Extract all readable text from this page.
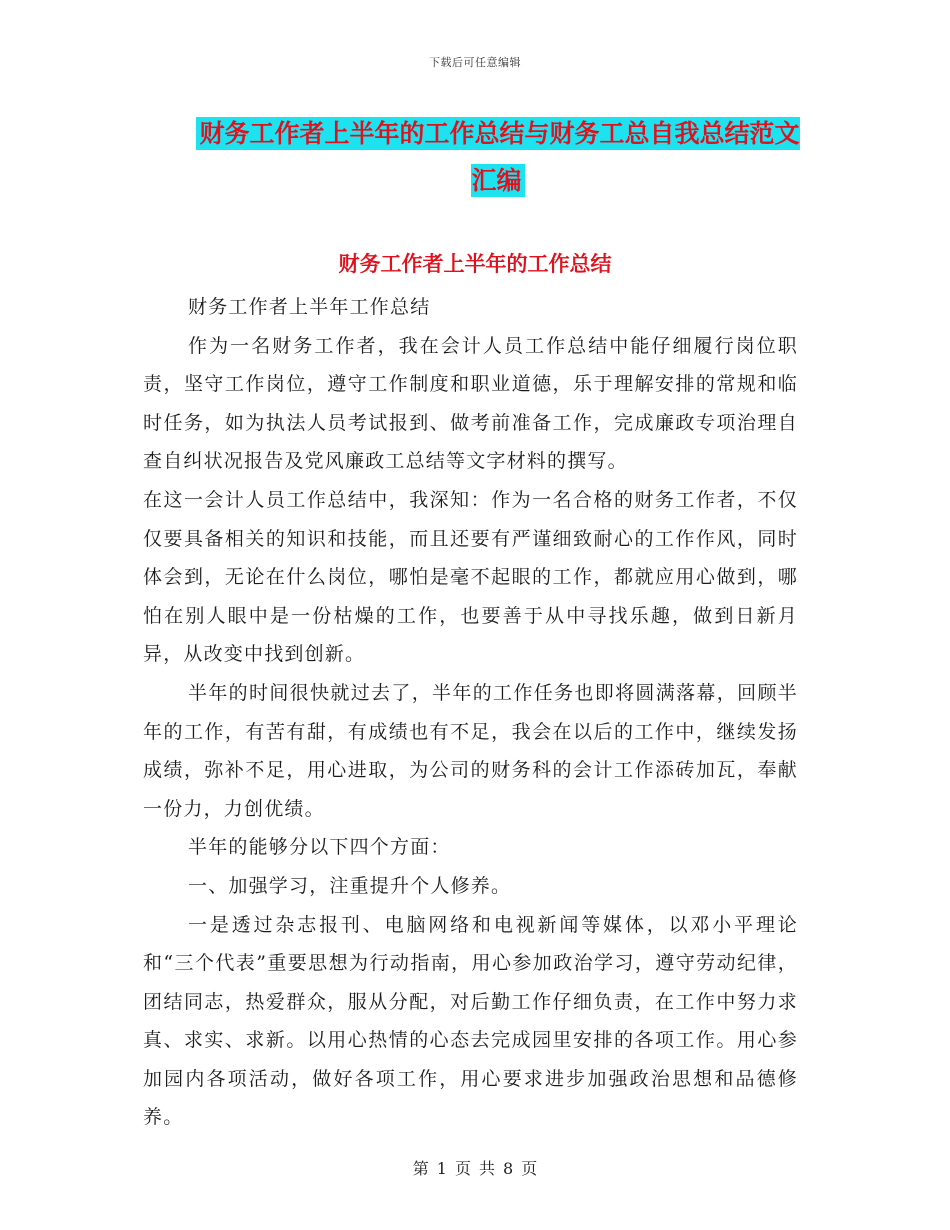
下载后可任意编辑
财务工作者上半年的工作总结与财务工总自我总结范文汇编
财务工作者上半年的工作总结

财务工作者上半年工作总结

作为一名财务工作者，我在会计人员工作总结中能仔细履行岗位职责，坚守工作岗位，遵守工作制度和职业道德，乐于理解安排的常规和临时任务，如为执法人员考试报到、做考前准备工作，完成廉政专项治理自查自纠状况报告及党风廉政工总结等文字材料的撰写。

在这一会计人员工作总结中，我深知：作为一名合格的财务工作者，不仅仅要具备相关的知识和技能，而且还要有严谨细致耐心的工作作风，同时体会到，无论在什么岗位，哪怕是毫不起眼的工作，都就应用心做到，哪怕在别人眼中是一份枯燥的工作，也要善于从中寻找乐趣，做到日新月异，从改变中找到创新。

半年的时间很快就过去了，半年的工作任务也即将圆满落幕，回顾半年的工作，有苦有甜，有成绩也有不足，我会在以后的工作中，继续发扬成绩，弥补不足，用心进取，为公司的财务科的会计工作添砖加瓦，奉献一份力，力创优绩。

半年的能够分以下四个方面：

一、加强学习，注重提升个人修养。

一是透过杂志报刊、电脑网络和电视新闻等媒体，以邓小平理论和“三个代表”重要思想为行动指南，用心参加政治学习，遵守劳动纪律，团结同志，热爱群众，服从分配，对后勤工作仔细负责，在工作中努力求真、求实、求新。以用心热情的心态去完成园里安排的各项工作。用心参加园内各项活动，做好各项工作，用心要求进步加强政治思想和品德修养。

第 1 页 共 8 页
